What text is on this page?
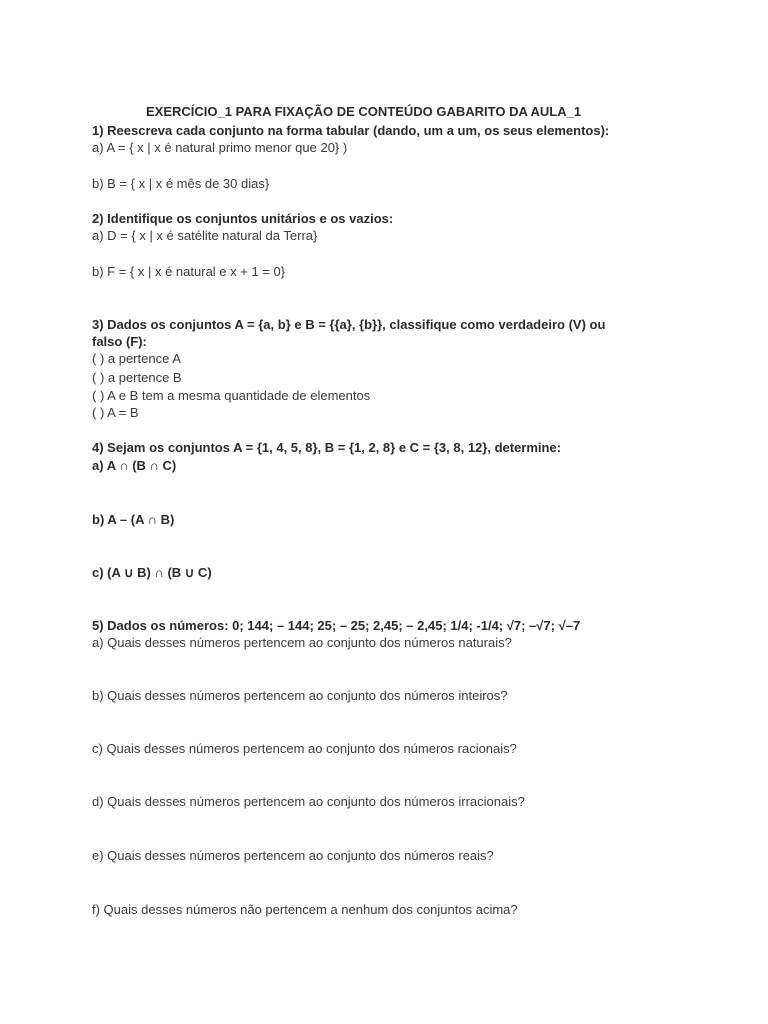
EXERCÍCIO_1 PARA FIXAÇÃO DE CONTEÚDO GABARITO DA AULA_1
1) Reescreva cada conjunto na forma tabular (dando, um a um, os seus elementos):
a) A = { x | x é natural primo menor que 20} )
b) B = { x | x é mês de 30 dias}
2) Identifique os conjuntos unitários e os vazios:
a) D = { x | x é satélite natural da Terra}
b) F = { x | x é natural e x + 1 = 0}
3) Dados os conjuntos A = {a, b} e B = {{a}, {b}}, classifique como verdadeiro (V) ou
falso (F):
( ) a pertence A
( ) a pertence B
( ) A e B tem a mesma quantidade de elementos
( ) A = B
4) Sejam os conjuntos A = {1, 4, 5, 8}, B = {1, 2, 8} e C = {3, 8, 12}, determine:
a) A ∩ (B ∩ C)
b) A – (A ∩ B)
c) (A ∪ B) ∩ (B ∪ C)
5) Dados os números: 0; 144; – 144; 25; – 25; 2,45; – 2,45; 1/4; -1/4; √7; –√7; √–7
a) Quais desses números pertencem ao conjunto dos números naturais?
b) Quais desses números pertencem ao conjunto dos números inteiros?
c) Quais desses números pertencem ao conjunto dos números racionais?
d) Quais desses números pertencem ao conjunto dos números irracionais?
e) Quais desses números pertencem ao conjunto dos números reais?
f) Quais desses números não pertencem a nenhum dos conjuntos acima?
